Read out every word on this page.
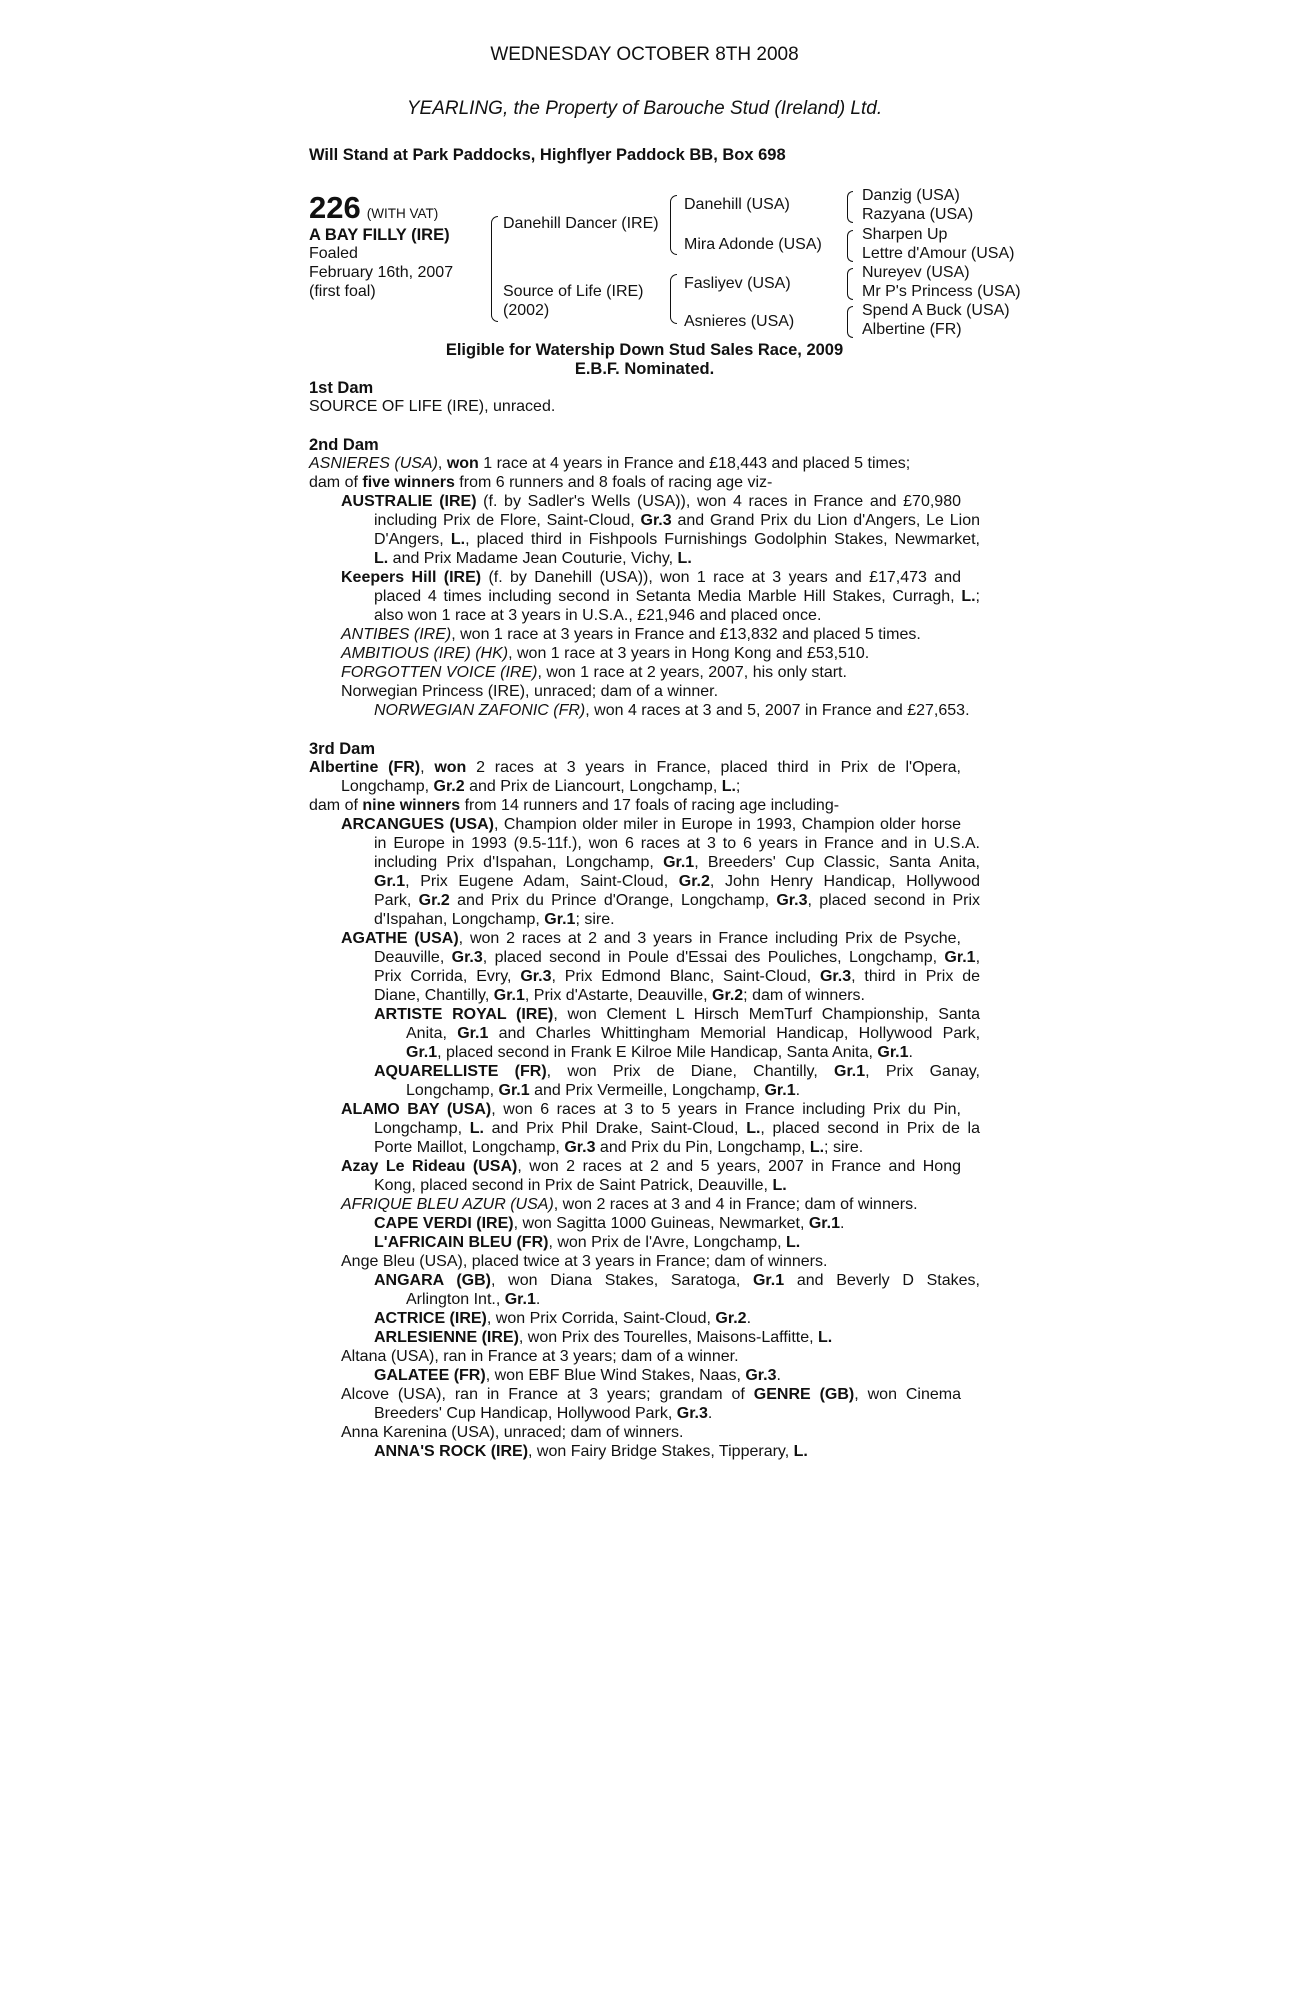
WEDNESDAY OCTOBER 8TH 2008
YEARLING, the Property of Barouche Stud (Ireland) Ltd.
Will Stand at Park Paddocks, Highflyer Paddock BB, Box 698
226 (WITH VAT)
A BAY FILLY (IRE)
Foaled
February 16th, 2007
(first foal)
Danehill Dancer (IRE)
Source of Life (IRE)
(2002)
Danehill (USA)
Mira Adonde (USA)
Fasliyev (USA)
Asnieres (USA)
Danzig (USA)
Razyana (USA)
Sharpen Up
Lettre d'Amour (USA)
Nureyev (USA)
Mr P's Princess (USA)
Spend A Buck (USA)
Albertine (FR)
Eligible for Watership Down Stud Sales Race, 2009
E.B.F. Nominated.
1st Dam
SOURCE OF LIFE (IRE), unraced.
2nd Dam
ASNIERES (USA), won 1 race at 4 years in France and £18,443 and placed 5 times;
dam of five winners from 6 runners and 8 foals of racing age viz-
AUSTRALIE (IRE) (f. by Sadler's Wells (USA)), won 4 races in France and £70,980
including Prix de Flore, Saint-Cloud, Gr.3 and Grand Prix du Lion d'Angers, Le Lion
D'Angers, L., placed third in Fishpools Furnishings Godolphin Stakes, Newmarket,
L. and Prix Madame Jean Couturie, Vichy, L.
Keepers Hill (IRE) (f. by Danehill (USA)), won 1 race at 3 years and £17,473 and
placed 4 times including second in Setanta Media Marble Hill Stakes, Curragh, L.;
also won 1 race at 3 years in U.S.A., £21,946 and placed once.
ANTIBES (IRE), won 1 race at 3 years in France and £13,832 and placed 5 times.
AMBITIOUS (IRE) (HK), won 1 race at 3 years in Hong Kong and £53,510.
FORGOTTEN VOICE (IRE), won 1 race at 2 years, 2007, his only start.
Norwegian Princess (IRE), unraced; dam of a winner.
NORWEGIAN ZAFONIC (FR), won 4 races at 3 and 5, 2007 in France and £27,653.
3rd Dam
Albertine (FR), won 2 races at 3 years in France, placed third in Prix de l'Opera,
Longchamp, Gr.2 and Prix de Liancourt, Longchamp, L.;
dam of nine winners from 14 runners and 17 foals of racing age including-
ARCANGUES (USA), Champion older miler in Europe in 1993, Champion older horse
in Europe in 1993 (9.5-11f.), won 6 races at 3 to 6 years in France and in U.S.A.
including Prix d'Ispahan, Longchamp, Gr.1, Breeders' Cup Classic, Santa Anita,
Gr.1, Prix Eugene Adam, Saint-Cloud, Gr.2, John Henry Handicap, Hollywood
Park, Gr.2 and Prix du Prince d'Orange, Longchamp, Gr.3, placed second in Prix
d'Ispahan, Longchamp, Gr.1; sire.
AGATHE (USA), won 2 races at 2 and 3 years in France including Prix de Psyche,
Deauville, Gr.3, placed second in Poule d'Essai des Pouliches, Longchamp, Gr.1,
Prix Corrida, Evry, Gr.3, Prix Edmond Blanc, Saint-Cloud, Gr.3, third in Prix de
Diane, Chantilly, Gr.1, Prix d'Astarte, Deauville, Gr.2; dam of winners.
ARTISTE ROYAL (IRE), won Clement L Hirsch MemTurf Championship, Santa
Anita, Gr.1 and Charles Whittingham Memorial Handicap, Hollywood Park,
Gr.1, placed second in Frank E Kilroe Mile Handicap, Santa Anita, Gr.1.
AQUARELLISTE (FR), won Prix de Diane, Chantilly, Gr.1, Prix Ganay,
Longchamp, Gr.1 and Prix Vermeille, Longchamp, Gr.1.
ALAMO BAY (USA), won 6 races at 3 to 5 years in France including Prix du Pin,
Longchamp, L. and Prix Phil Drake, Saint-Cloud, L., placed second in Prix de la
Porte Maillot, Longchamp, Gr.3 and Prix du Pin, Longchamp, L.; sire.
Azay Le Rideau (USA), won 2 races at 2 and 5 years, 2007 in France and Hong
Kong, placed second in Prix de Saint Patrick, Deauville, L.
AFRIQUE BLEU AZUR (USA), won 2 races at 3 and 4 in France; dam of winners.
CAPE VERDI (IRE), won Sagitta 1000 Guineas, Newmarket, Gr.1.
L'AFRICAIN BLEU (FR), won Prix de l'Avre, Longchamp, L.
Ange Bleu (USA), placed twice at 3 years in France; dam of winners.
ANGARA (GB), won Diana Stakes, Saratoga, Gr.1 and Beverly D Stakes,
Arlington Int., Gr.1.
ACTRICE (IRE), won Prix Corrida, Saint-Cloud, Gr.2.
ARLESIENNE (IRE), won Prix des Tourelles, Maisons-Laffitte, L.
Altana (USA), ran in France at 3 years; dam of a winner.
GALATEE (FR), won EBF Blue Wind Stakes, Naas, Gr.3.
Alcove (USA), ran in France at 3 years; grandam of GENRE (GB), won Cinema
Breeders' Cup Handicap, Hollywood Park, Gr.3.
Anna Karenina (USA), unraced; dam of winners.
ANNA'S ROCK (IRE), won Fairy Bridge Stakes, Tipperary, L.
